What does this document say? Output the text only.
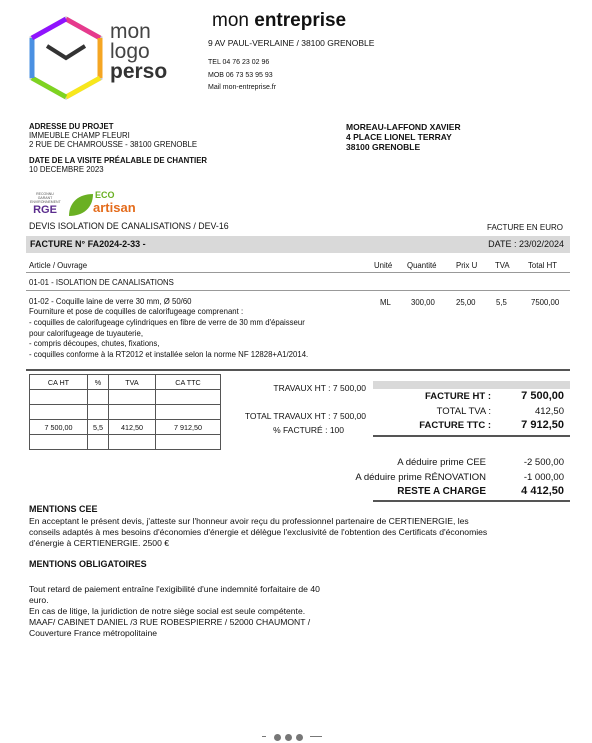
mon
logo
perso
mon entreprise
9 AV PAUL-VERLAINE / 38100 GRENOBLE
TEL 04 76 23 02 96
MOB 06 73 53 95 93
Mail mon-entreprise.fr
ADRESSE DU PROJET
IMMEUBLE CHAMP FLEURI
2 RUE DE CHAMROUSSE - 38100 GRENOBLE
DATE DE LA VISITE PRÉALABLE DE CHANTIER
10 DECEMBRE 2023
MOREAU-LAFFOND XAVIER
4 PLACE LIONEL TERRAY
38100 GRENOBLE
RECONNU GARANT
ENVIRONNEMENT
RGE
ECO
artisan
DEVIS ISOLATION DE CANALISATIONS / DEV-16	FACTURE EN EURO
FACTURE N° FA2024-2-33 -	DATE : 23/02/2024
Article / Ouvrage	Unité Quantité	Prix U TVA Total HT
01-01 - ISOLATION DE CANALISATIONS
01-02 - Coquille laine de verre 30 mm, Ø 50/60	ML	300,00	25,00	5,5	7500,00
Fourniture et pose de coquilles de calorifugeage comprenant :
- coquilles de calorifugeage cylindriques en fibre de verre de 30 mm d'épaisseur
pour calorifugeage de tuyauterie,
- compris découpes, chutes, fixations,
- coquilles conforme à la RT2012 et installée selon la norme NF 12828+A1/2014.
CA HT	%	TVA	CA TTC

7 500,00	5,5	412,50	7 912,50

TRAVAUX HT : 7 500,00
TOTAL TRAVAUX HT : 7 500,00
% FACTURÉ : 100
FACTURE HT :	7 500,00
TOTAL TVA :	412,50
FACTURE TTC :	7 912,50
A déduire prime CEE	-2 500,00
A déduire prime RÉNOVATION	-1 000,00
RESTE A CHARGE	4 412,50
MENTIONS CEE
En acceptant le présent devis, j'atteste sur l'honneur avoir reçu du professionnel partenaire de CERTIENERGIE, les
conseils adaptés à mes besoins d'économies d'énergie et délègue l'exclusivité de l'obtention des Certificats d'économies
d'énergie à CERTIENERGIE. 2500 €
MENTIONS OBLIGATOIRES
Tout retard de paiement entraîne l'exigibilité d'une indemnité forfaitaire de 40
euro.
En cas de litige, la juridiction de notre siège social est seule compétente.
MAAF/ CABINET DANIEL /3 RUE ROBESPIERRE / 52000 CHAUMONT /
Couverture France métropolitaine
